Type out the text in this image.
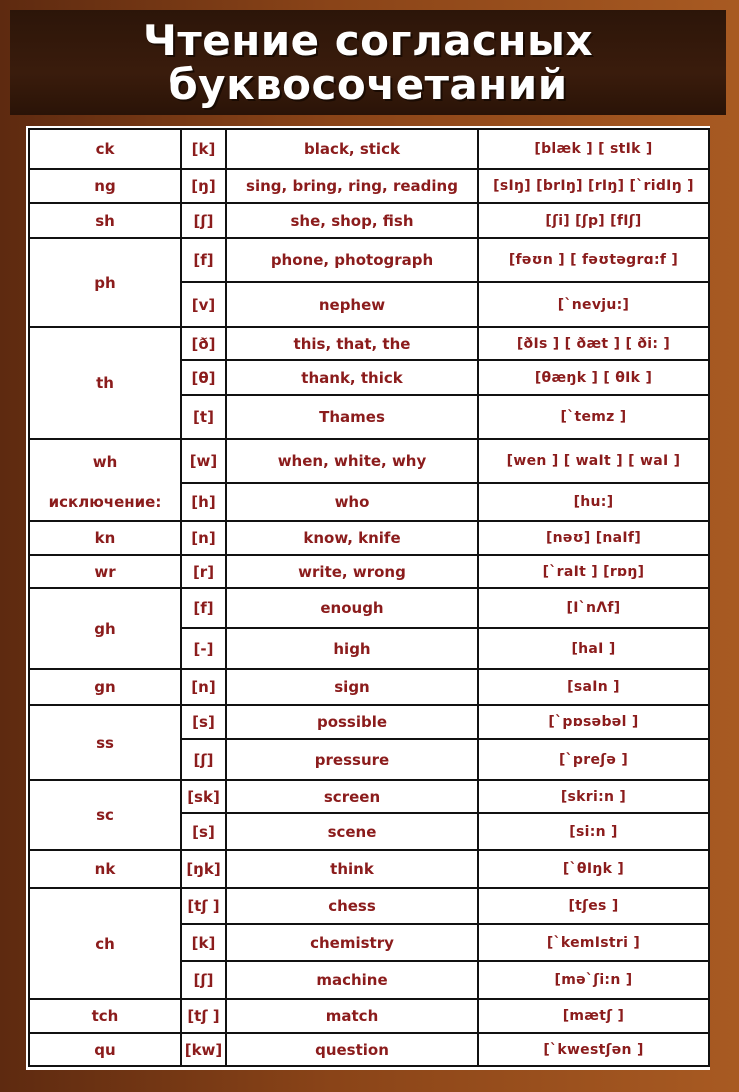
Чтение согласных
буквосочетаний
ck	[k]	black, stick	[blæk ] [ stIk ]
ng	[ŋ]	sing, bring, ring, reading	[sIŋ] [brIŋ] [rIŋ] [`ridIŋ ]
sh	[ʃ]	she, shop, fish	[ʃi] [ʃp] [fIʃ]
ph	[f]	phone, photograph	[fəʊn ] [ fəʊtəgrɑ:f ]
	[v]	nephew	[`nevju:]
th	[ð]	this, that, the	[ðIs ] [ ðæt ] [ ði: ]
	[θ]	thank, thick	[θæŋk ] [ θIk ]
	[t]	Thames	[`temz ]
wh	[w]	when, white, why	[wen ] [ waIt ] [ waI ]
исключение:	[h]	who	[hu:]
kn	[n]	know, knife	[nəʊ] [naIf]
wr	[r]	write, wrong	[`raIt ] [rɒŋ]
gh	[f]	enough	[I`nΛf]
	[-]	high	[haI ]
gn	[n]	sign	[saIn ]
ss	[s]	possible	[`pɒsəbəl ]
	[ʃ]	pressure	[`preʃə ]
sc	[sk]	screen	[skri:n ]
	[s]	scene	[si:n ]
nk	[ŋk]	think	[`θIŋk ]
ch	[tʃ ]	chess	[tʃes ]
	[k]	chemistry	[`kemIstri ]
	[ʃ]	machine	[mə`ʃi:n ]
tch	[tʃ ]	match	[mætʃ ]
qu	[kw]	question	[`kwestʃən ]
